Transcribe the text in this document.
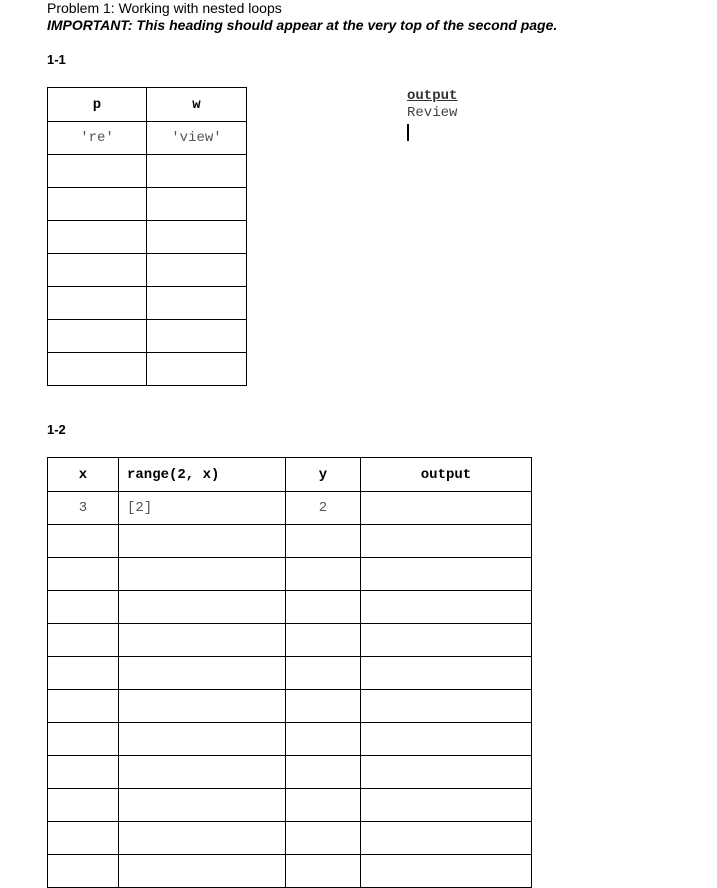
Problem 1: Working with nested loops
IMPORTANT: This heading should appear at the very top of the second page.
1-1
p	w
're'	'view'

output
Review
1-2
x	range(2, x)	y	output
3	[2]	2	
